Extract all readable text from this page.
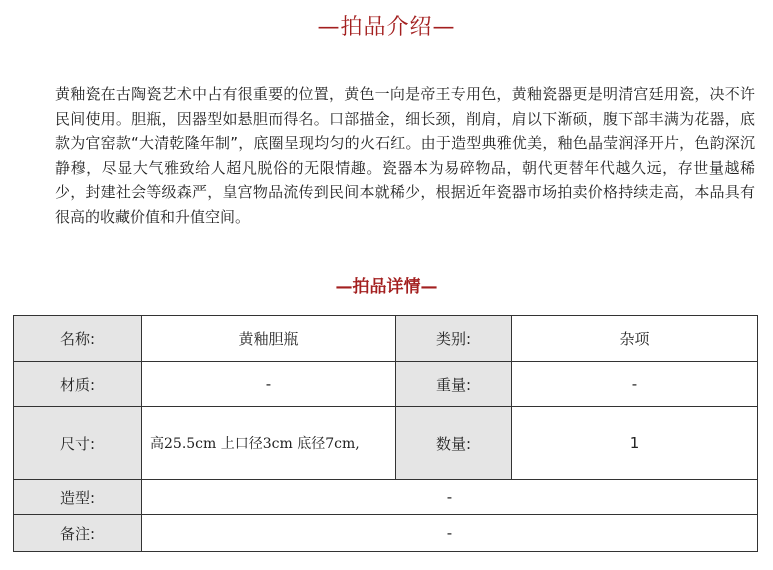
—拍品介绍—
黄釉瓷在古陶瓷艺术中占有很重要的位置，黄色一向是帝王专用色，黄釉瓷器更是明清宫廷用瓷，决不许民间使用。胆瓶，因器型如悬胆而得名。口部描金，细长颈，削肩，肩以下渐硕，腹下部丰满为花器，底款为官窑款“大清乾隆年制”，底圈呈现均匀的火石红。由于造型典雅优美，釉色晶莹润泽开片，色韵深沉静穆，尽显大气雅致给人超凡脱俗的无限情趣。瓷器本为易碎物品，朝代更替年代越久远，存世量越稀少，封建社会等级森严，皇宫物品流传到民间本就稀少，根据近年瓷器市场拍卖价格持续走高，本品具有很高的收藏价值和升值空间。
—拍品详情—
名称:	黄釉胆瓶	类别:	杂项
材质:	-	重量:	-
尺寸:	高25.5cm 上口径3cm 底径7cm,	数量:	1
造型:	-		
备注:	-		
